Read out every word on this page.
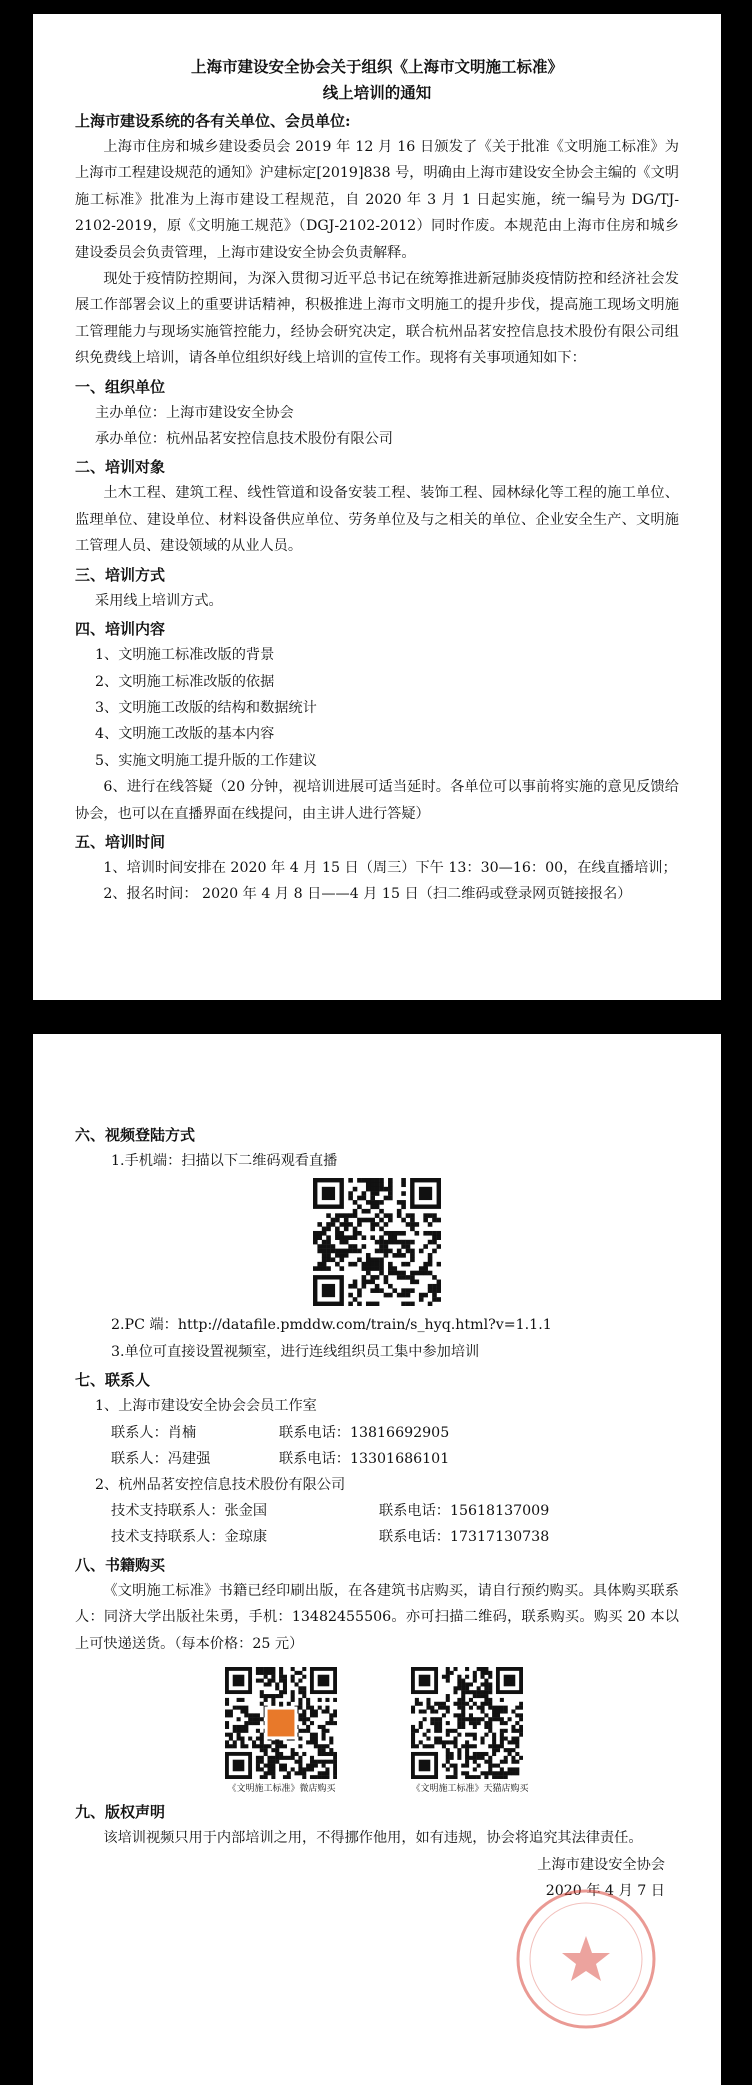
上海市建设安全协会关于组织《上海市文明施工标准》
线上培训的通知
上海市建设系统的各有关单位、会员单位:
上海市住房和城乡建设委员会 2019 年 12 月 16 日颁发了《关于批准《文明施工标准》为上海市工程建设规范的通知》沪建标定[2019]838 号，明确由上海市建设安全协会主编的《文明施工标准》批准为上海市建设工程规范，自 2020 年 3 月 1 日起实施，统一编号为 DG/TJ-2102-2019，原《文明施工规范》（DGJ-2102-2012）同时作废。本规范由上海市住房和城乡建设委员会负责管理，上海市建设安全协会负责解释。
现处于疫情防控期间，为深入贯彻习近平总书记在统筹推进新冠肺炎疫情防控和经济社会发展工作部署会议上的重要讲话精神，积极推进上海市文明施工的提升步伐，提高施工现场文明施工管理能力与现场实施管控能力，经协会研究决定，联合杭州品茗安控信息技术股份有限公司组织免费线上培训，请各单位组织好线上培训的宣传工作。现将有关事项通知如下：
一、组织单位
主办单位：上海市建设安全协会
承办单位：杭州品茗安控信息技术股份有限公司
二、培训对象
土木工程、建筑工程、线性管道和设备安装工程、装饰工程、园林绿化等工程的施工单位、监理单位、建设单位、材料设备供应单位、劳务单位及与之相关的单位、企业安全生产、文明施工管理人员、建设领域的从业人员。
三、培训方式
采用线上培训方式。
四、培训内容
1、文明施工标准改版的背景
2、文明施工标准改版的依据
3、文明施工改版的结构和数据统计
4、文明施工改版的基本内容
5、实施文明施工提升版的工作建议
6、进行在线答疑（20 分钟，视培训进展可适当延时。各单位可以事前将实施的意见反馈给协会，也可以在直播界面在线提问，由主讲人进行答疑）
五、培训时间
1、培训时间安排在 2020 年 4 月 15 日（周三）下午 13：30—16：00，在线直播培训；
2、报名时间： 2020 年 4 月 8 日——4 月 15 日（扫二维码或登录网页链接报名）
六、视频登陆方式
1.手机端：扫描以下二维码观看直播
2.PC 端：http://datafile.pmddw.com/train/s_hyq.html?v=1.1.1
3.单位可直接设置视频室，进行连线组织员工集中参加培训
七、联系人
1、上海市建设安全协会会员工作室
联系人：肖楠	联系电话：13816692905
联系人：冯建强	联系电话：13301686101
2、杭州品茗安控信息技术股份有限公司
技术支持联系人：张金国	联系电话：15618137009
技术支持联系人：金琼康	联系电话：17317130738
八、书籍购买
《文明施工标准》书籍已经印刷出版，在各建筑书店购买，请自行预约购买。具体购买联系人：同济大学出版社朱勇，手机：13482455506。亦可扫描二维码，联系购买。购买 20 本以上可快递送货。（每本价格：25 元）
《文明施工标准》微店购买	《文明施工标准》天猫店购买
九、版权声明
该培训视频只用于内部培训之用，不得挪作他用，如有违规，协会将追究其法律责任。
上海市建设安全协会
2020 年 4 月 7 日
